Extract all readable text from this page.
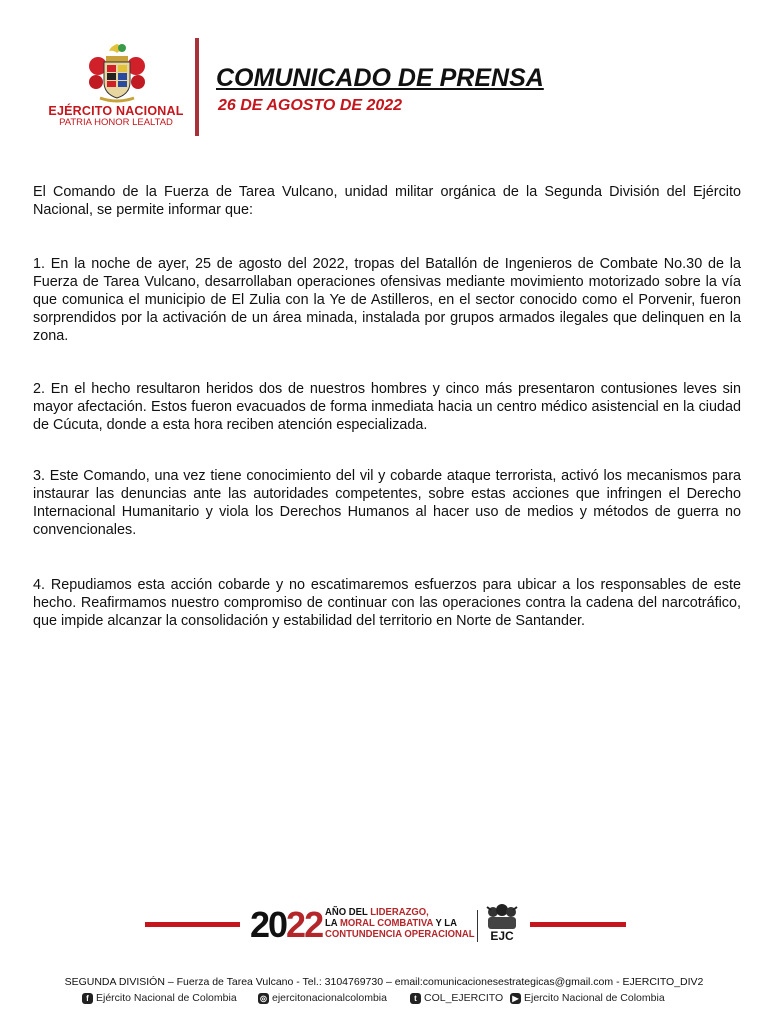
EJÉRCITO NACIONAL
PATRIA HONOR LEALTAD
COMUNICADO DE PRENSA
26 DE AGOSTO DE 2022
El Comando de la Fuerza de Tarea Vulcano, unidad militar orgánica de la Segunda División del Ejército Nacional, se permite informar que:
1. En la noche de ayer, 25 de agosto del 2022, tropas del Batallón de Ingenieros de Combate No.30 de la Fuerza de Tarea Vulcano, desarrollaban operaciones ofensivas mediante movimiento motorizado sobre la vía que comunica el municipio de El Zulia con la Ye de Astilleros, en el sector conocido como el Porvenir, fueron sorprendidos por la activación de un área minada, instalada por grupos armados ilegales que delinquen en la zona.
2. En el hecho resultaron heridos dos de nuestros hombres y cinco más presentaron contusiones leves sin mayor afectación. Estos fueron evacuados de forma inmediata hacia un centro médico asistencial en la ciudad de Cúcuta, donde a esta hora reciben atención especializada.
3. Este Comando, una vez tiene conocimiento del vil y cobarde ataque terrorista, activó los mecanismos para instaurar las denuncias ante las autoridades competentes, sobre estas acciones que infringen el Derecho Internacional Humanitario y viola los Derechos Humanos al hacer uso de medios y métodos de guerra no convencionales.
4. Repudiamos esta acción cobarde y no escatimaremos esfuerzos para ubicar a los responsables de este hecho. Reafirmamos nuestro compromiso de continuar con las operaciones contra la cadena del narcotráfico, que impide alcanzar la consolidación y estabilidad del territorio en Norte de Santander.
2022 AÑO DEL LIDERAZGO,
LA MORAL COMBATIVA Y LA
CONTUNDENCIA OPERACIONAL	EJC
SEGUNDA DIVISIÓN – Fuerza de Tarea Vulcano - Tel.: 3104769730 – email:comunicacionesestrategicas@gmail.com - EJERCITO_DIV2
f Ejército Nacional de Colombia	◎ ejercitonacionalcolombia	t COL_EJERCITO	▶ Ejercito Nacional de Colombia
